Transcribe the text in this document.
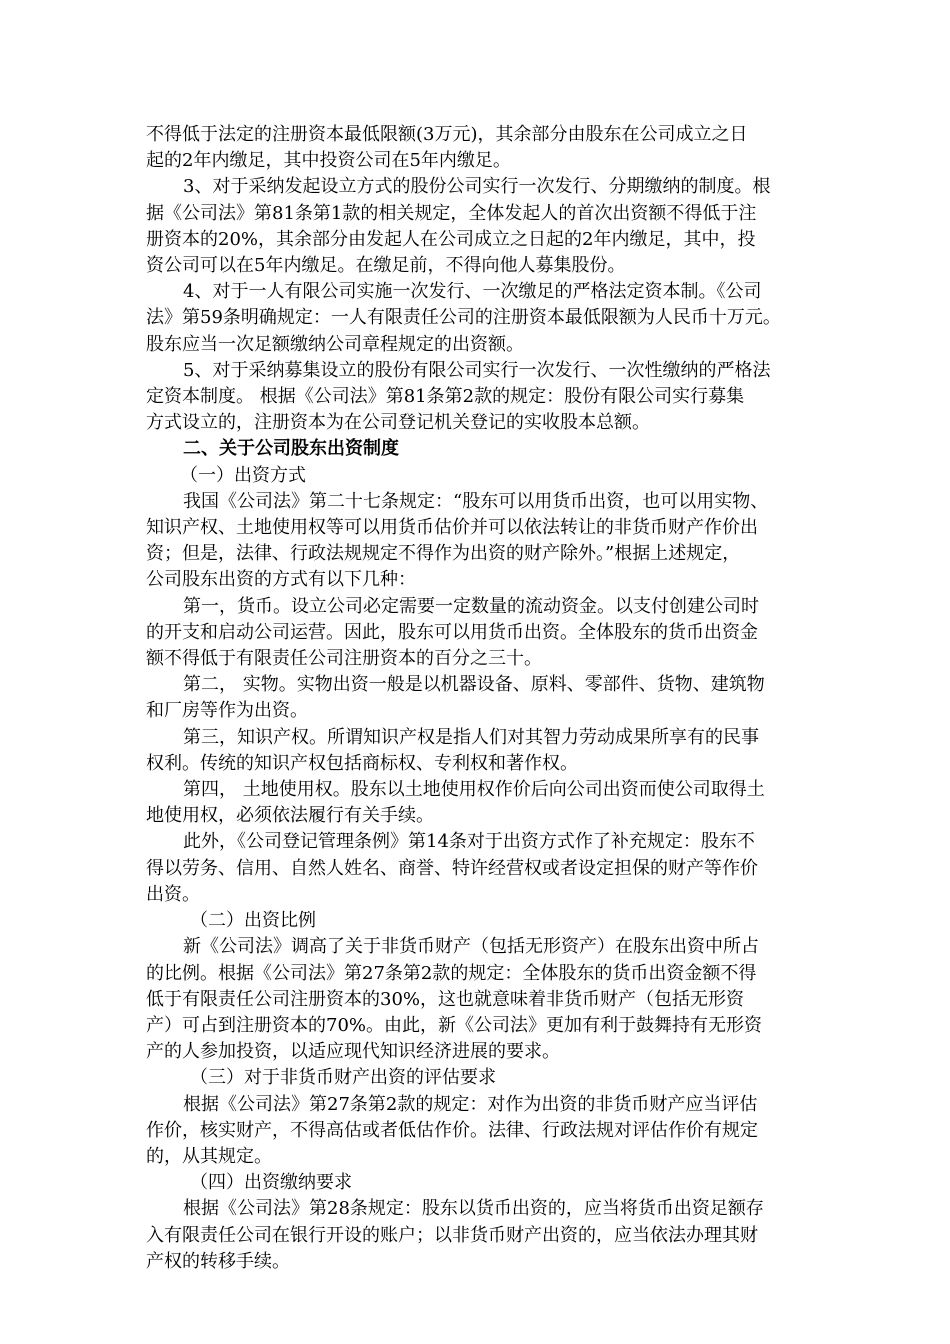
不得低于法定的注册资本最低限额(3万元)，其余部分由股东在公司成立之日
起的2年内缴足，其中投资公司在5年内缴足。
3、对于采纳发起设立方式的股份公司实行一次发行、分期缴纳的制度。根
据《公司法》第81条第1款的相关规定，全体发起人的首次出资额不得低于注
册资本的20%，其余部分由发起人在公司成立之日起的2年内缴足，其中，投
资公司可以在5年内缴足。在缴足前，不得向他人募集股份。
4、对于一人有限公司实施一次发行、一次缴足的严格法定资本制。《公司
法》第59条明确规定：一人有限责任公司的注册资本最低限额为人民币十万元。
股东应当一次足额缴纳公司章程规定的出资额。
5、对于采纳募集设立的股份有限公司实行一次发行、一次性缴纳的严格法
定资本制度。 根据《公司法》第81条第2款的规定：股份有限公司实行募集
方式设立的，注册资本为在公司登记机关登记的实收股本总额。
二、关于公司股东出资制度
（一）出资方式
我国《公司法》第二十七条规定：“股东可以用货币出资，也可以用实物、
知识产权、土地使用权等可以用货币估价并可以依法转让的非货币财产作价出
资；但是，法律、行政法规规定不得作为出资的财产除外。”根据上述规定，
公司股东出资的方式有以下几种：
第一，货币。设立公司必定需要一定数量的流动资金。以支付创建公司时
的开支和启动公司运营。因此，股东可以用货币出资。全体股东的货币出资金
额不得低于有限责任公司注册资本的百分之三十。
第二， 实物。实物出资一般是以机器设备、原料、零部件、货物、建筑物
和厂房等作为出资。
第三，知识产权。所谓知识产权是指人们对其智力劳动成果所享有的民事
权利。传统的知识产权包括商标权、专利权和著作权。
第四， 土地使用权。股东以土地使用权作价后向公司出资而使公司取得土
地使用权，必须依法履行有关手续。
此外，《公司登记管理条例》第14条对于出资方式作了补充规定：股东不
得以劳务、信用、自然人姓名、商誉、特许经营权或者设定担保的财产等作价
出资。
（二）出资比例
新《公司法》调高了关于非货币财产（包括无形资产）在股东出资中所占
的比例。根据《公司法》第27条第2款的规定：全体股东的货币出资金额不得
低于有限责任公司注册资本的30%，这也就意味着非货币财产（包括无形资
产）可占到注册资本的70%。由此，新《公司法》更加有利于鼓舞持有无形资
产的人参加投资，以适应现代知识经济进展的要求。
（三）对于非货币财产出资的评估要求
根据《公司法》第27条第2款的规定：对作为出资的非货币财产应当评估
作价，核实财产，不得高估或者低估作价。法律、行政法规对评估作价有规定
的，从其规定。
（四）出资缴纳要求
根据《公司法》第28条规定：股东以货币出资的，应当将货币出资足额存
入有限责任公司在银行开设的账户；以非货币财产出资的，应当依法办理其财
产权的转移手续。
